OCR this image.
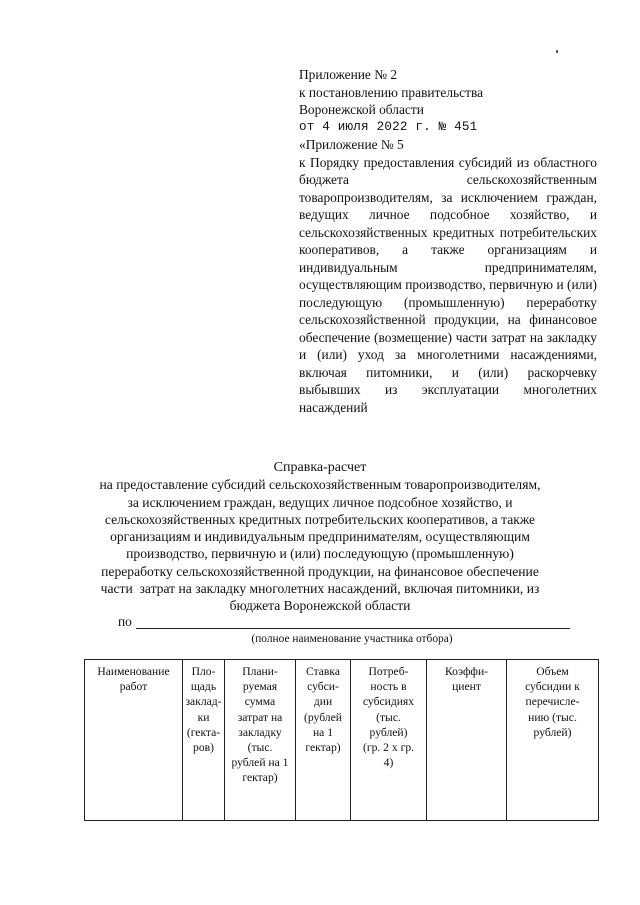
Приложение № 2
к постановлению правительства
Воронежской области
от 4 июля 2022 г. № 451
«Приложение № 5

к Порядку предоставления субсидий из областного бюджета сельскохозяйственным товаропроизводителям, за исключением граждан, ведущих личное подсобное хозяйство, и сельскохозяйственных кредитных потребительских кооперативов, а также организациям и индивидуальным предпринимателям, осуществляющим производство, первичную и (или) последующую (промышленную) переработку сельскохозяйственной продукции, на финансовое обеспечение (возмещение) части затрат на закладку и (или) уход за многолетними насаждениями, включая питомники, и (или) раскорчевку выбывших из эксплуатации многолетних насаждений

Справка-расчет
на предоставление субсидий сельскохозяйственным товаропроизводителям,
за исключением граждан, ведущих личное подсобное хозяйство, и
сельскохозяйственных кредитных потребительских кооперативов, а также
организациям и индивидуальным предпринимателям, осуществляющим
производство, первичную и (или) последующую (промышленную)
переработку сельскохозяйственной продукции, на финансовое обеспечение
части  затрат на закладку многолетних насаждений, включая питомники, из
бюджета Воронежской области
по
(полное наименование участника отбора)
Наименование
работ	Пло-
щадь
заклад-
ки
(гекта-
ров)	Плани-
руемая
сумма
затрат на
закладку
(тыс.
рублей на 1
гектар)	Ставка
субси-
дии
(рублей
на 1
гектар)	Потреб-
ность в
субсидиях
(тыс.
рублей)
(гр. 2 х гр.
4)	Коэффи-
циент	Объем
субсидии к
перечисле-
нию (тыс.
рублей)
